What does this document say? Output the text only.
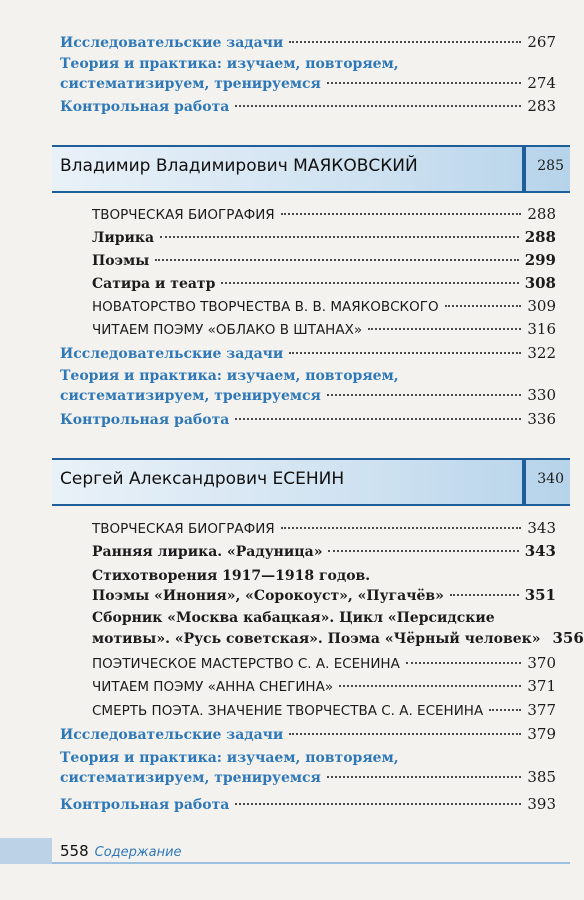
Исследовательские задачи	267
Теория и практика: изучаем, повторяем,
систематизируем, тренируемся	274
Контрольная работа	283
Владимир Владимирович МАЯКОВСКИЙ	285
ТВОРЧЕСКАЯ БИОГРАФИЯ	288
Лирика	288
Поэмы	299
Сатира и театр	308
НОВАТОРСТВО ТВОРЧЕСТВА В. В. МАЯКОВСКОГО	309
ЧИТАЕМ ПОЭМУ «ОБЛАКО В ШТАНАХ»	316
Исследовательские задачи	322
Теория и практика: изучаем, повторяем,
систематизируем, тренируемся	330
Контрольная работа	336
Сергей Александрович ЕСЕНИН	340
ТВОРЧЕСКАЯ БИОГРАФИЯ	343
Ранняя лирика. «Радуница»	343
Стихотворения 1917—1918 годов.
Поэмы «Инония», «Сорокоуст», «Пугачёв»	351
Сборник «Москва кабацкая». Цикл «Персидские
мотивы». «Русь советская». Поэма «Чёрный человек» 356
ПОЭТИЧЕСКОЕ МАСТЕРСТВО С. А. ЕСЕНИНА	370
ЧИТАЕМ ПОЭМУ «АННА СНЕГИНА»	371
СМЕРТЬ ПОЭТА. ЗНАЧЕНИЕ ТВОРЧЕСТВА С. А. ЕСЕНИНА	377
Исследовательские задачи	379
Теория и практика: изучаем, повторяем,
систематизируем, тренируемся	385
Контрольная работа	393
558 Содержание
